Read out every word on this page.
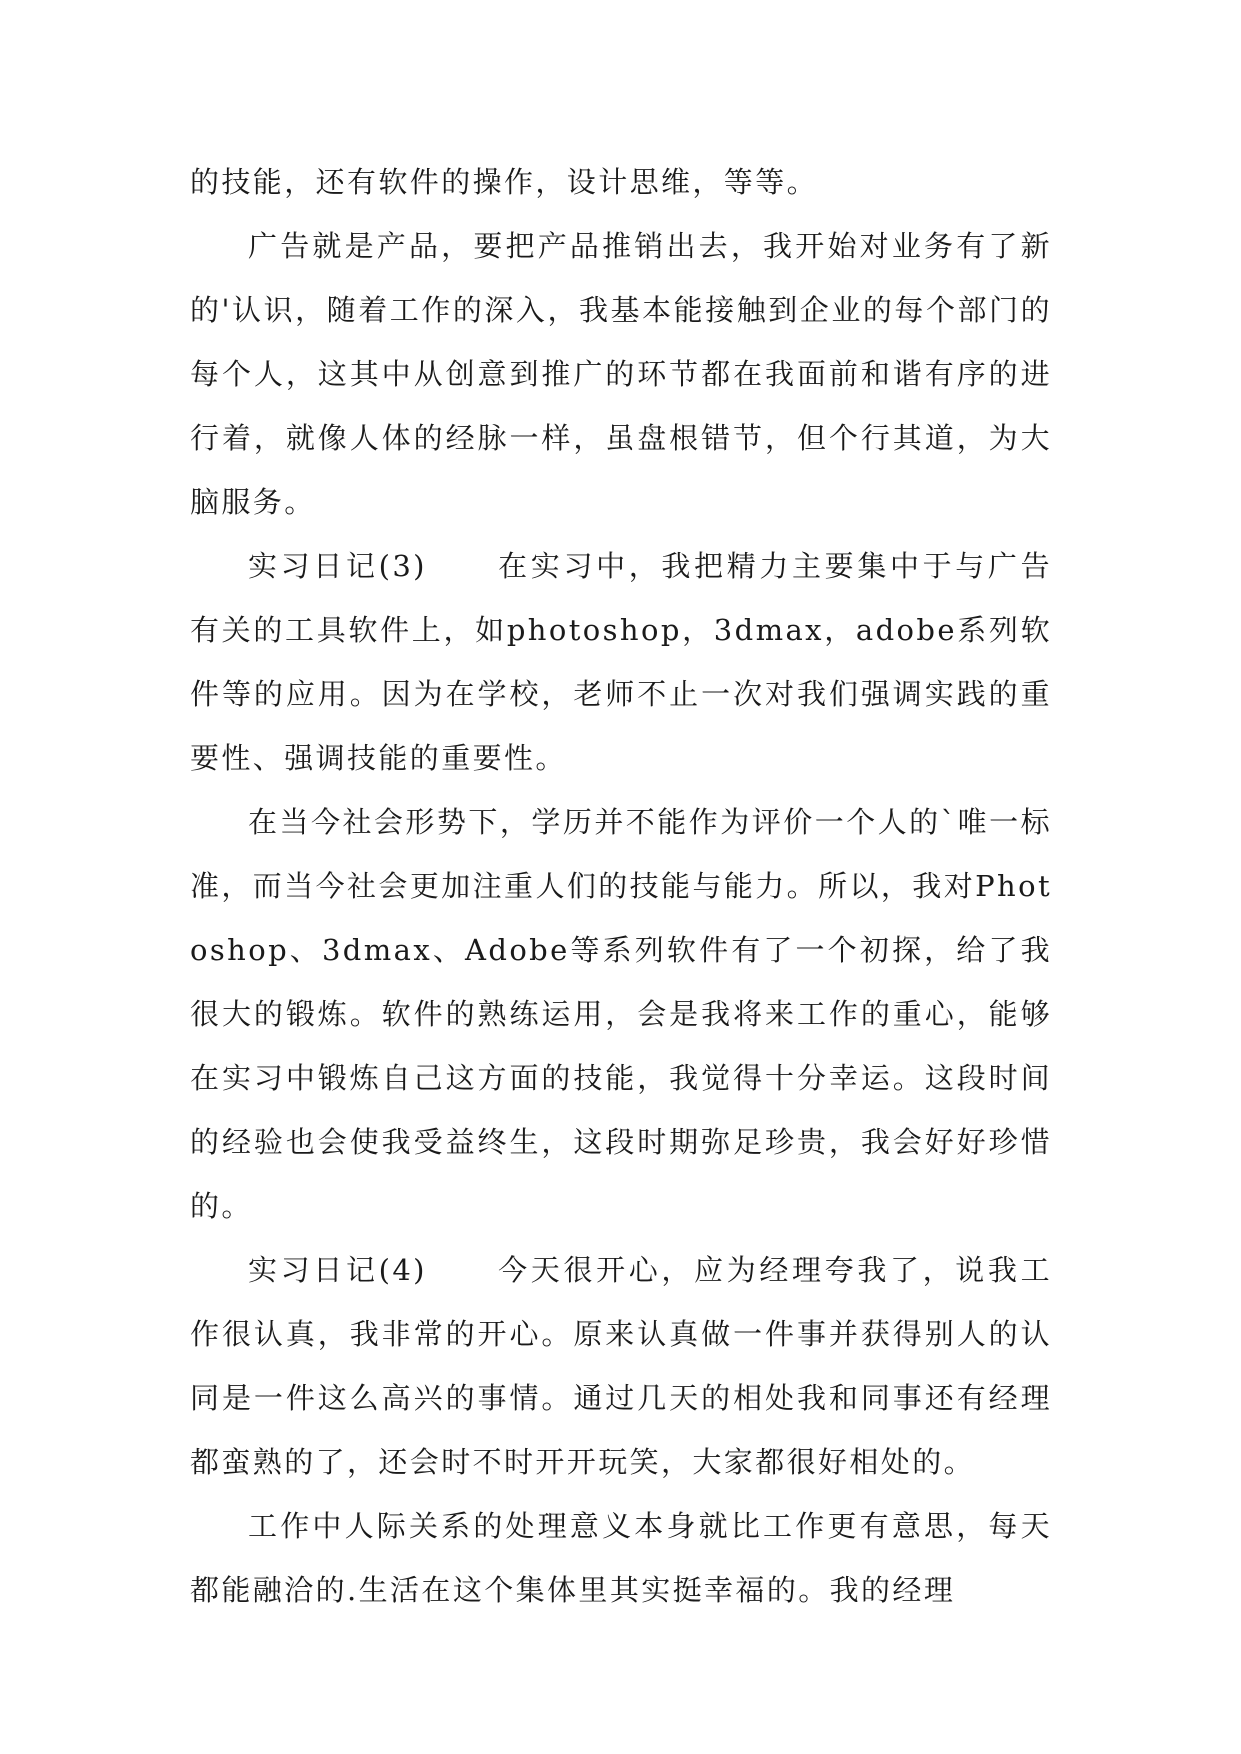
的技能，还有软件的操作，设计思维，等等。

广告就是产品，要把产品推销出去，我开始对业务有了新的'认识，随着工作的深入，我基本能接触到企业的每个部门的每个人，这其中从创意到推广的环节都在我面前和谐有序的进行着，就像人体的经脉一样，虽盘根错节，但个行其道，为大脑服务。

实习日记(3) 在实习中，我把精力主要集中于与广告有关的工具软件上，如photoshop，3dmax，adobe系列软件等的应用。因为在学校，老师不止一次对我们强调实践的重要性、强调技能的重要性。

在当今社会形势下，学历并不能作为评价一个人的`唯一标准，而当今社会更加注重人们的技能与能力。所以，我对Photoshop、3dmax、Adobe等系列软件有了一个初探，给了我很大的锻炼。软件的熟练运用，会是我将来工作的重心，能够在实习中锻炼自己这方面的技能，我觉得十分幸运。这段时间的经验也会使我受益终生，这段时期弥足珍贵，我会好好珍惜的。

实习日记(4) 今天很开心，应为经理夸我了，说我工作很认真，我非常的开心。原来认真做一件事并获得别人的认同是一件这么高兴的事情。通过几天的相处我和同事还有经理都蛮熟的了，还会时不时开开玩笑，大家都很好相处的。

工作中人际关系的处理意义本身就比工作更有意思，每天都能融洽的.生活在这个集体里其实挺幸福的。我的经理
